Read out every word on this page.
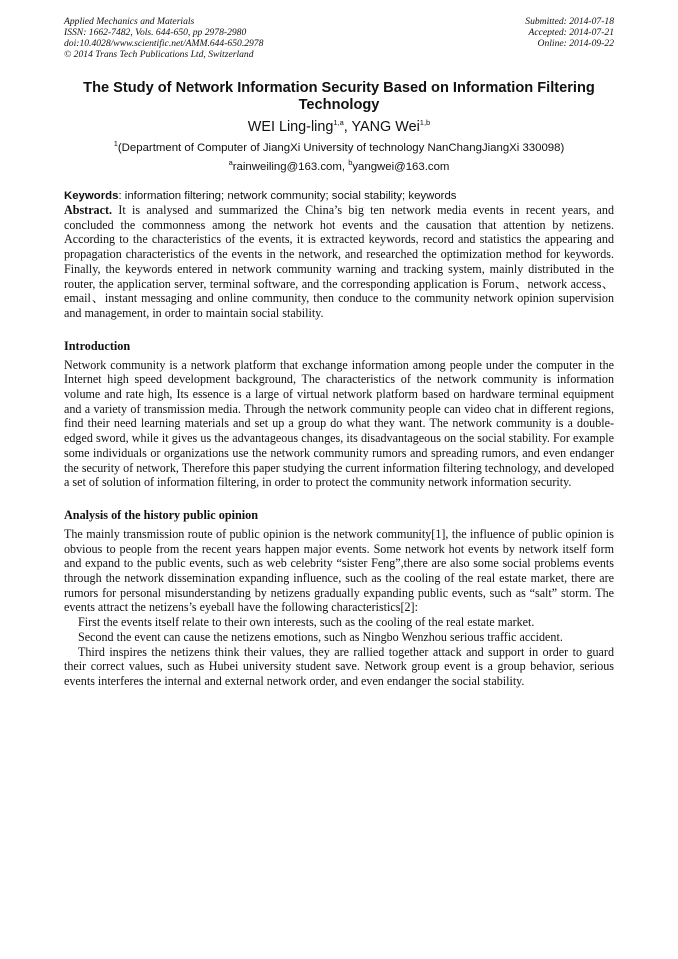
Applied Mechanics and Materials
ISSN: 1662-7482, Vols. 644-650, pp 2978-2980
doi:10.4028/www.scientific.net/AMM.644-650.2978
© 2014 Trans Tech Publications Ltd, Switzerland
Submitted: 2014-07-18
Accepted: 2014-07-21
Online: 2014-09-22
The Study of Network Information Security Based on Information Filtering Technology
WEI Ling-ling$^{1,a}$, YANG Wei$^{1,b}$
$^1$(Department of Computer of JiangXi University of technology NanChangJiangXi 330098)
$^a$rainweiling@163.com, $^b$yangwei@163.com
Keywords: information filtering; network community; social stability; keywords

Abstract. It is analysed and summarized the China’s big ten network media events in recent years, and concluded the commonness among the network hot events and the causation that attention by netizens. According to the characteristics of the events, it is extracted keywords, record and statistics the appearing and propagation characteristics of the events in the network, and researched the optimization method for keywords. Finally, the keywords entered in network community warning and tracking system, mainly distributed in the router, the application server, terminal software, and the corresponding application is Forum、network access、email、instant messaging and online community, then conduce to the community network opinion supervision and management, in order to maintain social stability.

Introduction

Network community is a network platform that exchange information among people under the computer in the Internet high speed development background, The characteristics of the network community is information volume and rate high, Its essence is a large of virtual network platform based on hardware terminal equipment and a variety of transmission media. Through the network community people can video chat in different regions, find their need learning materials and set up a group do what they want. The network community is a double-edged sword, while it gives us the advantageous changes, its disadvantageous on the social stability. For example some individuals or organizations use the network community rumors and spreading rumors, and even endanger the security of network, Therefore this paper studying the current information filtering technology, and developed a set of solution of information filtering, in order to protect the community network information security.

Analysis of the history public opinion

The mainly transmission route of public opinion is the network community[1], the influence of public opinion is obvious to people from the recent years happen major events. Some network hot events by network itself form and expand to the public events, such as web celebrity “sister Feng”,there are also some social problems events through the network dissemination expanding influence, such as the cooling of the real estate market, there are rumors for personal misunderstanding by netizens gradually expanding public events, such as “salt” storm. The events attract the netizens’s eyeball have the following characteristics[2]:

First the events itself relate to their own interests, such as the cooling of the real estate market.

Second the event can cause the netizens emotions, such as Ningbo Wenzhou serious traffic accident.

Third inspires the netizens think their values, they are rallied together attack and support in order to guard their correct values, such as Hubei university student save. Network group event is a group behavior, serious events interferes the internal and external network order, and even endanger the social stability.
